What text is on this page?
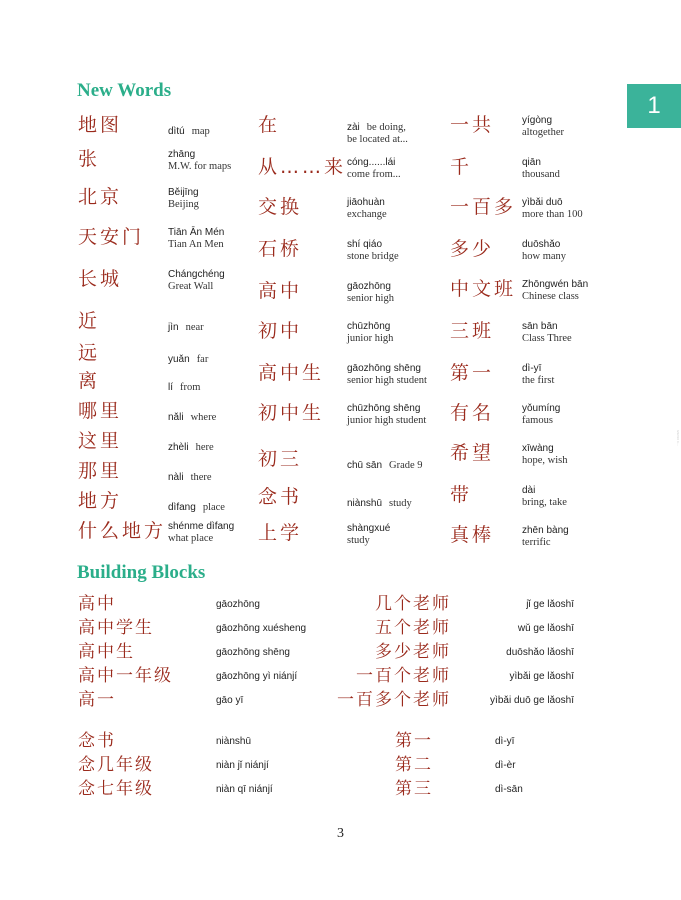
1
New Words
Building Blocks
地图	dìtú map
张	zhāng
M.W. for maps
北京	Běijīng
Beijing
天安门 Tiān Ān Mén
Tian An Men
长城	Chángchéng
Great Wall
近	jìn near
远	yuǎn far
离	lí from
哪里	nǎli where
这里	zhèli here
那里	nàli there
地方	dìfang place
什么地方 shénme dìfang
what place
在	zài be doing,
be located at...
从……来 cóng......lái
come from...
交换	jiāohuàn
exchange
石桥	shí qiáo
stone bridge
高中	gāozhōng
senior high
初中	chūzhōng
junior high
高中生 gāozhōng shēng
senior high student
初中生 chūzhōng shēng
junior high student
初三	chū sān Grade 9
念书	niànshū study
上学	shàngxué
study
一共	yígòng
altogether
千	qiān
thousand
一百多 yìbǎi duō
more than 100
多少	duōshǎo
how many
中文班 Zhōngwén bān
Chinese class
三班	sān bān
Class Three
第一	dì-yī
the first
有名	yǒumíng
famous
希望	xīwàng
hope, wish
带	dài
bring, take
真棒	zhēn bàng
terrific
高中	gāozhōng
高中学生	gāozhōng xuésheng
高中生	gāozhōng shēng
高中一年级	gāozhōng yì niánjí
高一	gāo yī
几个老师	jǐ ge lǎoshī
五个老师	wǔ ge lǎoshī
多少老师	duōshǎo lǎoshī
一百个老师	yìbǎi ge lǎoshī
一百多个老师	yìbǎi duō ge lǎoshī
念书	niànshū
念几年级	niàn jǐ niánjí
念七年级	niàn qī niánjí
第一	dì-yī
第二	dì-èr
第三	dì-sān
3
6/22/10 4:...
